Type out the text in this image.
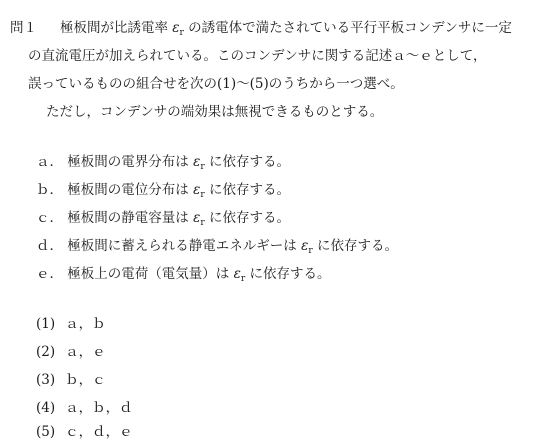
問１ 極板間が比誘電率 $\varepsilon_r$ の誘電体で満たされている平行平板コンデンサに一定
の直流電圧が加えられている。このコンデンサに関する記述ａ～ｅとして，
誤っているものの組合せを次の(1)～(5)のうちから一つ選べ。
ただし，コンデンサの端効果は無視できるものとする。
ａ． 極板間の電界分布は $\varepsilon_r$ に依存する。
ｂ． 極板間の電位分布は $\varepsilon_r$ に依存する。
ｃ． 極板間の静電容量は $\varepsilon_r$ に依存する。
ｄ． 極板間に蓄えられる静電エネルギーは $\varepsilon_r$ に依存する。
ｅ． 極板上の電荷（電気量）は $\varepsilon_r$ に依存する。
(1) ａ，ｂ
(2) ａ，ｅ
(3) ｂ，ｃ
(4) ａ，ｂ，ｄ
(5) ｃ，ｄ，ｅ
